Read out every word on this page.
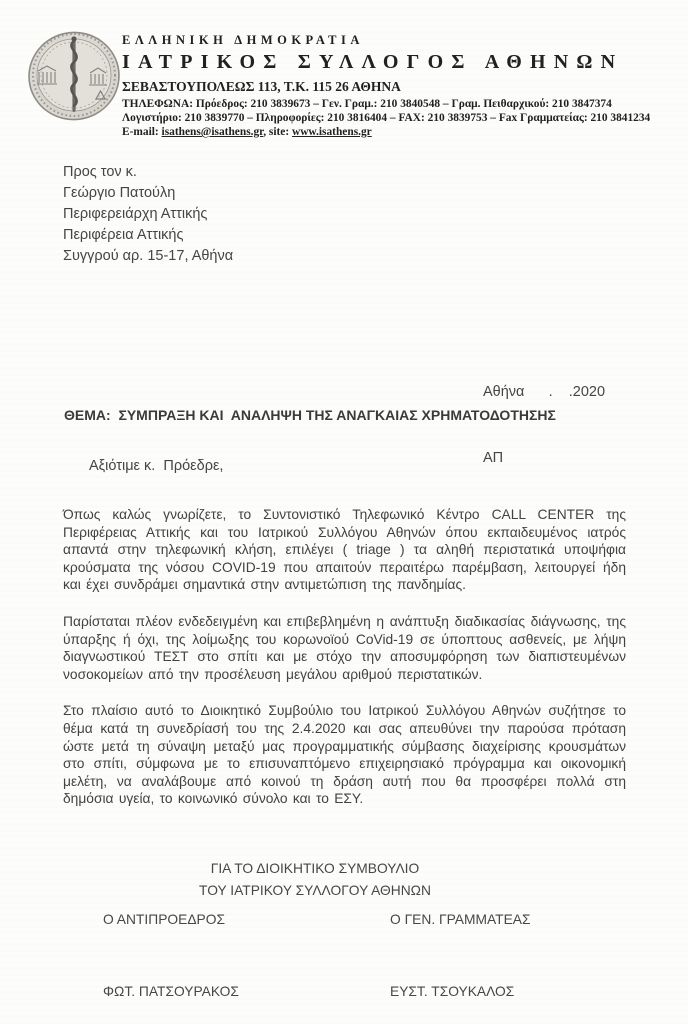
ΕΛΛΗΝΙΚΗ ΔΗΜΟΚΡΑΤΙΑ
ΙΑΤΡΙΚΟΣ ΣΥΛΛΟΓΟΣ ΑΘΗΝΩΝ
ΣΕΒΑΣΤΟΥΠΟΛΕΩΣ 113, Τ.Κ. 115 26 ΑΘΗΝΑ
ΤΗΛΕΦΩΝΑ: Πρόεδρος: 210 3839673 – Γεν. Γραμ.: 210 3840548 – Γραμ. Πειθαρχικού: 210 3847374
Λογιστήριο: 210 3839770 – Πληροφορίες: 210 3816404 – FAX: 210 3839753 – Fax Γραμματείας: 210 3841234
E-mail: isathens@isathens.gr, site: www.isathens.gr
Προς τον κ.
Γεώργιο Πατούλη
Περιφερειάρχη Αττικής
Περιφέρεια Αττικής
Συγγρού αρ. 15-17, Αθήνα

Αθήνα      .    .2020

ΑΠ

ΘΕΜΑ:  ΣΥΜΠΡΑΞΗ ΚΑΙ  ΑΝΑΛΗΨΗ ΤΗΣ ΑΝΑΓΚΑΙΑΣ ΧΡΗΜΑΤΟΔΟΤΗΣΗΣ
Αξιότιμε κ.  Πρόεδρε,

Όπως καλώς γνωρίζετε, το Συντονιστικό Τηλεφωνικό Κέντρο CALL CENTER της Περιφέρειας Αττικής και του Ιατρικού Συλλόγου Αθηνών όπου εκπαιδευμένος ιατρός απαντά στην τηλεφωνική κλήση, επιλέγει ( triage ) τα αληθή περιστατικά υποψήφια κρούσματα της νόσου COVID-19 που απαιτούν περαιτέρω παρέμβαση, λειτουργεί ήδη και έχει συνδράμει σημαντικά στην αντιμετώπιση της πανδημίας.

Παρίσταται πλέον ενδεδειγμένη και επιβεβλημένη η ανάπτυξη διαδικασίας διάγνωσης, της ύπαρξης ή όχι, της λοίμωξης του κορωνοϊού CoVid-19 σε ύποπτους ασθενείς, με λήψη διαγνωστικού ΤΕΣΤ στο σπίτι και με στόχο την αποσυμφόρηση των διαπιστευμένων νοσοκομείων από την προσέλευση μεγάλου αριθμού περιστατικών.

Στο πλαίσιο αυτό το Διοικητικό Συμβούλιο του Ιατρικού Συλλόγου Αθηνών συζήτησε το θέμα κατά τη συνεδρίασή του της 2.4.2020 και σας απευθύνει την παρούσα πρόταση ώστε μετά τη σύναψη μεταξύ μας προγραμματικής σύμβασης διαχείρισης κρουσμάτων στο σπίτι, σύμφωνα με το επισυναπτόμενο επιχειρησιακό πρόγραμμα και οικονομική μελέτη, να αναλάβουμε από κοινού τη δράση αυτή που θα προσφέρει πολλά στη δημόσια υγεία, το κοινωνικό σύνολο και το ΕΣΥ.

ΓΙΑ ΤΟ ΔΙΟΙΚΗΤΙΚΟ ΣΥΜΒΟΥΛΙΟ
ΤΟΥ ΙΑΤΡΙΚΟΥ ΣΥΛΛΟΓΟΥ ΑΘΗΝΩΝ
Ο ΑΝΤΙΠΡΟΕΔΡΟΣ	Ο ΓΕΝ. ΓΡΑΜΜΑΤΕΑΣ
ΦΩΤ. ΠΑΤΣΟΥΡΑΚΟΣ	ΕΥΣΤ. ΤΣΟΥΚΑΛΟΣ
